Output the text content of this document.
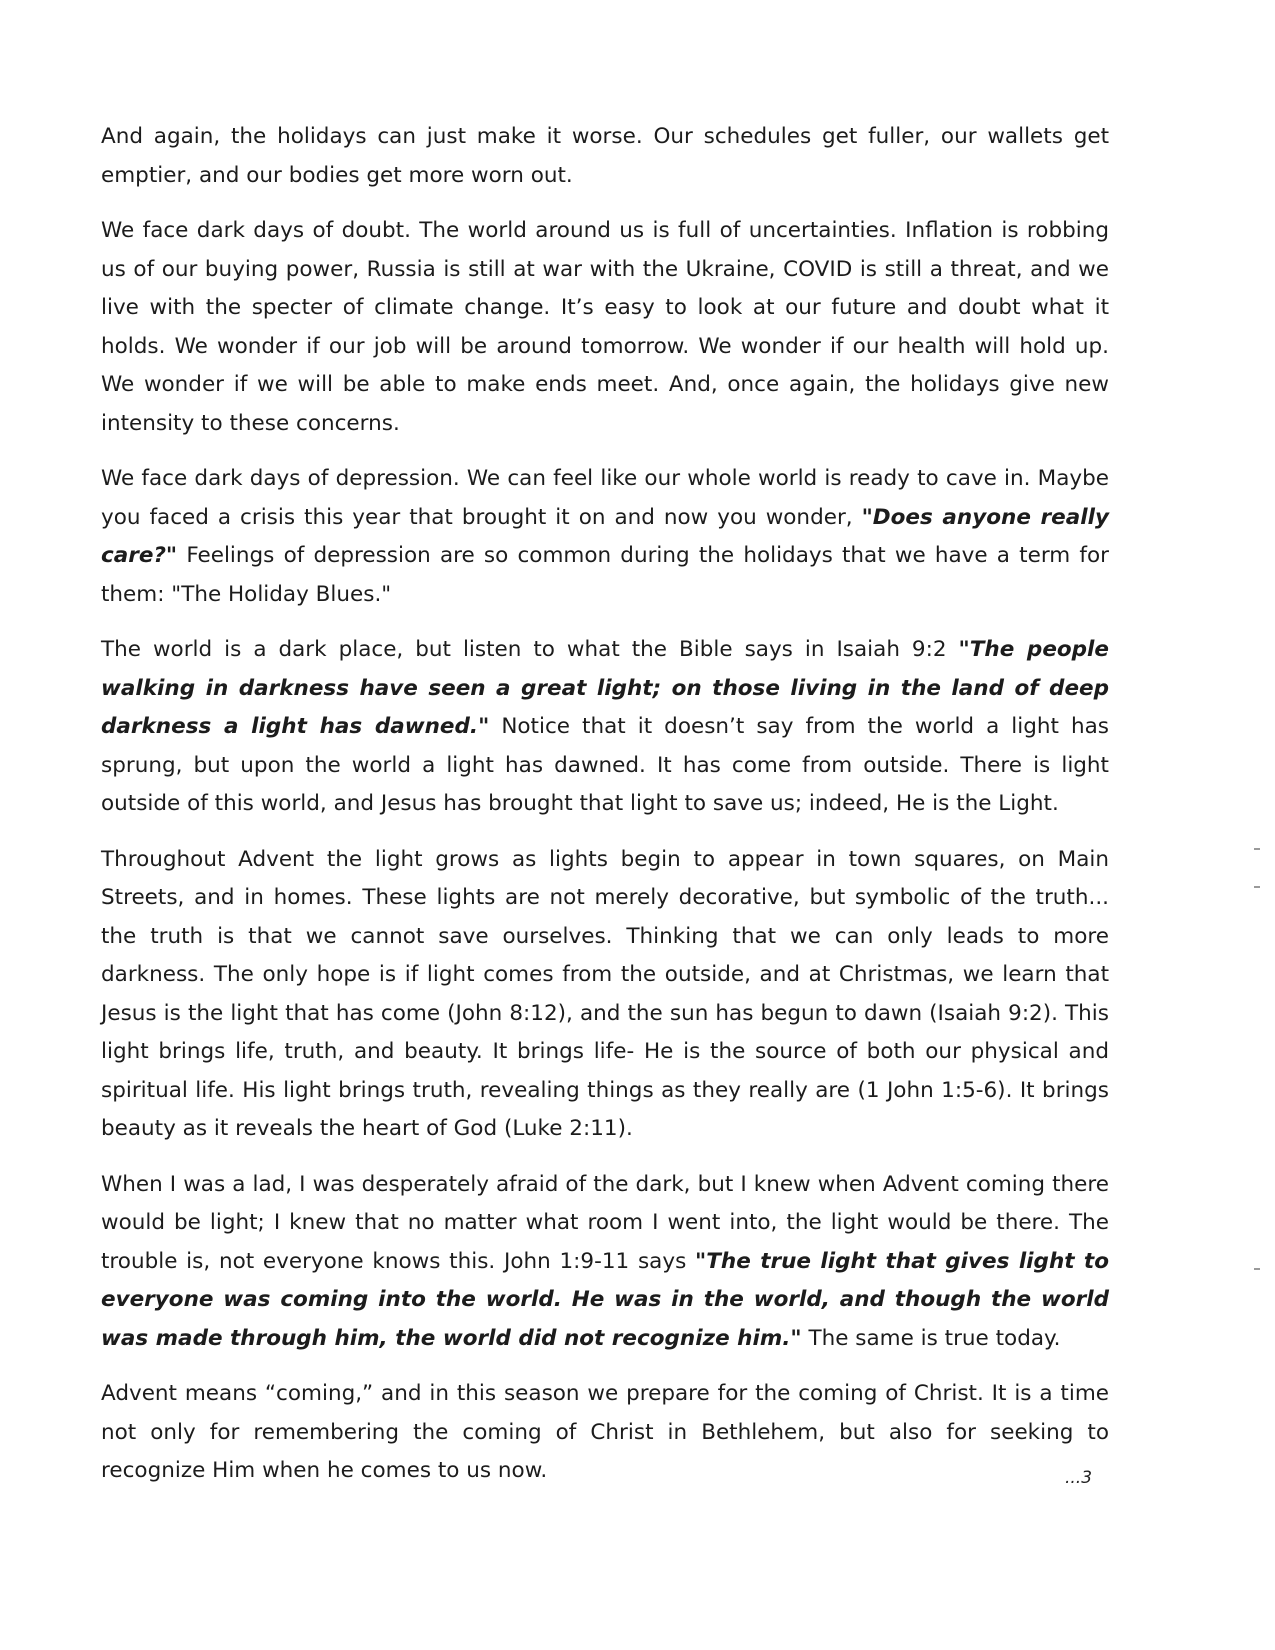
And again, the holidays can just make it worse. Our schedules get fuller, our wallets get emptier, and our bodies get more worn out.

We face dark days of doubt. The world around us is full of uncertainties. Inflation is robbing us of our buying power, Russia is still at war with the Ukraine, COVID is still a threat, and we live with the specter of climate change. It’s easy to look at our future and doubt what it holds. We wonder if our job will be around tomorrow. We wonder if our health will hold up. We wonder if we will be able to make ends meet. And, once again, the holidays give new intensity to these concerns.

We face dark days of depression. We can feel like our whole world is ready to cave in. Maybe you faced a crisis this year that brought it on and now you wonder, "Does anyone really care?" Feelings of depression are so common during the holidays that we have a term for them: "The Holiday Blues."

The world is a dark place, but listen to what the Bible says in Isaiah 9:2 "The people walking in darkness have seen a great light; on those living in the land of deep darkness a light has dawned." Notice that it doesn’t say from the world a light has sprung, but upon the world a light has dawned. It has come from outside. There is light outside of this world, and Jesus has brought that light to save us; indeed, He is the Light.

Throughout Advent the light grows as lights begin to appear in town squares, on Main Streets, and in homes. These lights are not merely decorative, but symbolic of the truth... the truth is that we cannot save ourselves. Thinking that we can only leads to more darkness. The only hope is if light comes from the outside, and at Christmas, we learn that Jesus is the light that has come (John 8:12), and the sun has begun to dawn (Isaiah 9:2). This light brings life, truth, and beauty. It brings life- He is the source of both our physical and spiritual life. His light brings truth, revealing things as they really are (1 John 1:5-6). It brings beauty as it reveals the heart of God (Luke 2:11).

When I was a lad, I was desperately afraid of the dark, but I knew when Advent coming there would be light; I knew that no matter what room I went into, the light would be there. The trouble is, not everyone knows this. John 1:9-11 says "The true light that gives light to everyone was coming into the world. He was in the world, and though the world was made through him, the world did not recognize him." The same is true today.

Advent means “coming,” and in this season we prepare for the coming of Christ. It is a time not only for remembering the coming of Christ in Bethlehem, but also for seeking to recognize Him when he comes to us now.	...3
